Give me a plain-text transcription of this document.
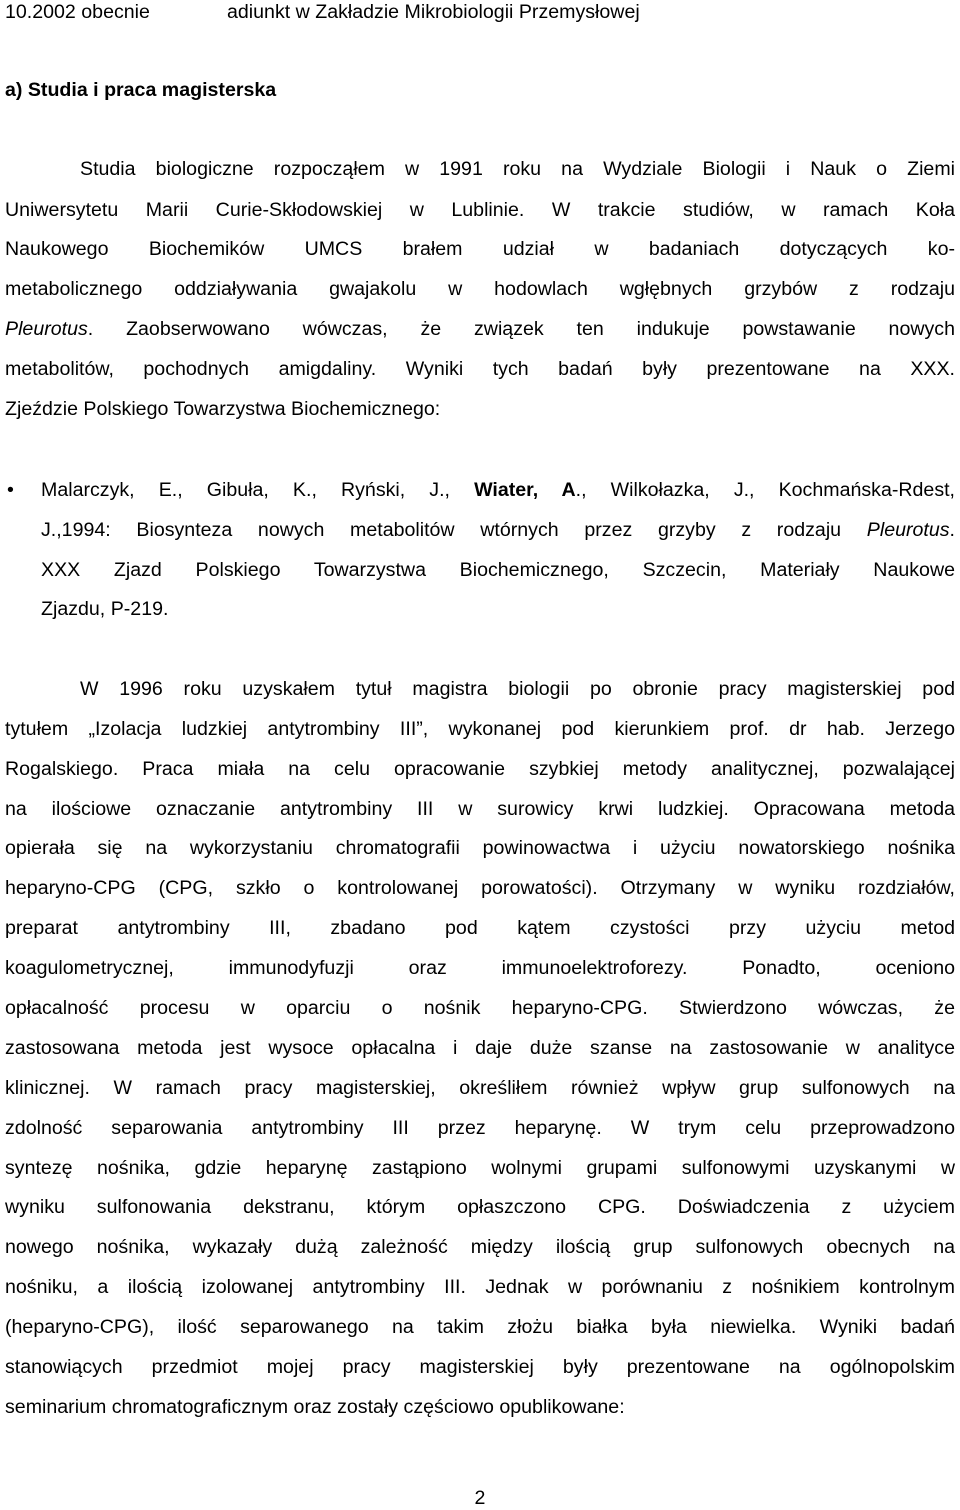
10.2002 obecnie	adiunkt w Zakładzie Mikrobiologii Przemysłowej
a) Studia i praca magisterska
Studia biologiczne rozpocząłem w 1991 roku na Wydziale Biologii i Nauk o Ziemi
Uniwersytetu Marii Curie-Skłodowskiej w Lublinie. W trakcie studiów, w ramach Koła
Naukowego Biochemików UMCS brałem udział w badaniach dotyczących ko-
metabolicznego oddziaływania gwajakolu w hodowlach wgłębnych grzybów z rodzaju
Pleurotus. Zaobserwowano wówczas, że związek ten indukuje powstawanie nowych
metabolitów, pochodnych amigdaliny. Wyniki tych badań były prezentowane na XXX.
Zjeździe Polskiego Towarzystwa Biochemicznego:
• Malarczyk, E., Gibuła, K., Ryński, J., Wiater, A., Wilkołazka, J., Kochmańska-Rdest,
J.,1994: Biosynteza nowych metabolitów wtórnych przez grzyby z rodzaju Pleurotus.
XXX Zjazd Polskiego Towarzystwa Biochemicznego, Szczecin, Materiały Naukowe
Zjazdu, P-219.
W 1996 roku uzyskałem tytuł magistra biologii po obronie pracy magisterskiej pod
tytułem „Izolacja ludzkiej antytrombiny III”, wykonanej pod kierunkiem prof. dr hab. Jerzego
Rogalskiego. Praca miała na celu opracowanie szybkiej metody analitycznej, pozwalającej
na ilościowe oznaczanie antytrombiny III w surowicy krwi ludzkiej. Opracowana metoda
opierała się na wykorzystaniu chromatografii powinowactwa i użyciu nowatorskiego nośnika
heparyno-CPG (CPG, szkło o kontrolowanej porowatości). Otrzymany w wyniku rozdziałów,
preparat antytrombiny III, zbadano pod kątem czystości przy użyciu metod
koagulometrycznej, immunodyfuzji oraz immunoelektroforezy. Ponadto, oceniono
opłacalność procesu w oparciu o nośnik heparyno-CPG. Stwierdzono wówczas, że
zastosowana metoda jest wysoce opłacalna i daje duże szanse na zastosowanie w analityce
klinicznej. W ramach pracy magisterskiej, określiłem również wpływ grup sulfonowych na
zdolność separowania antytrombiny III przez heparynę. W trym celu przeprowadzono
syntezę nośnika, gdzie heparynę zastąpiono wolnymi grupami sulfonowymi uzyskanymi w
wyniku sulfonowania dekstranu, którym opłaszczono CPG. Doświadczenia z użyciem
nowego nośnika, wykazały dużą zależność między ilością grup sulfonowych obecnych na
nośniku, a ilością izolowanej antytrombiny III. Jednak w porównaniu z nośnikiem kontrolnym
(heparyno-CPG), ilość separowanego na takim złożu białka była niewielka. Wyniki badań
stanowiących przedmiot mojej pracy magisterskiej były prezentowane na ogólnopolskim
seminarium chromatograficznym oraz zostały częściowo opublikowane:
2
